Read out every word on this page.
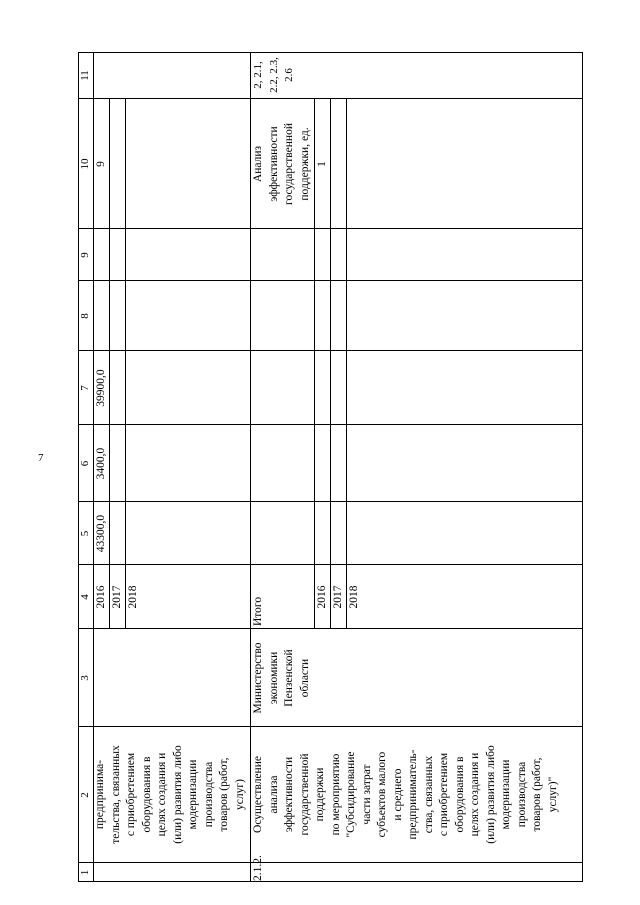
7
1
2
3
4
5
6
7
8
9
10
11
предпринима-
тельства, связанных
с приобретением
оборудования в
целях создания и
(или) развития либо
модернизации
производства
товаров (работ,
услуг)
2016 2017 2018
43300,0
3400,0
39900,0
9
2.1.2.
Осуществление
анализа
эффективности
государственной
поддержки
по мероприятию
"Субсидирование
части затрат
субъектов малого
и среднего
предприниматель-
ства, связанных
с приобретением
оборудования в
целях создания и
(или) развития либо
модернизации
производства
товаров (работ,
услуг)"
Министерство
экономики
Пензенской
области
Итого	2016 2017 2018
Анализ
эффективности
государственной
поддержки, ед.
1
2, 2.1, 2.2, 2.3,
2.6
